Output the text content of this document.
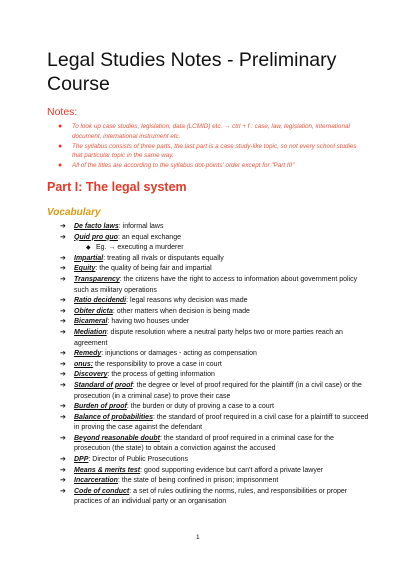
Legal Studies Notes - Preliminary Course
Notes:
● To look up case studies, legislation, data (LCMID) etc. → ctrl + f : case, law, legislation, international document, international instrument etc.
● The syllabus consists of three parts, the last part is a case study-like topic, so not every school studies that particular topic in the same way.
● All of the titles are according to the syllabus dot-points' order except for "Part III"
Part I: The legal system
Vocabulary
➔ De facto laws: informal laws
➔ Quid pro quo: an equal exchange
◆ Eg. → executing a murderer
➔ Impartial: treating all rivals or disputants equally
➔ Equity: the quality of being fair and impartial
➔ Transparency: the citizens have the right to access to information about government policy such as military operations
➔ Ratio decidendi: legal reasons why decision was made
➔ Obiter dicta: other matters when decision is being made
➔ Bicameral: having two houses under
➔ Mediation: dispute resolution where a neutral party helps two or more parties reach an agreement
➔ Remedy: injunctions or damages - acting as compensation
➔ onus: the responsibility to prove a case in court
➔ Discovery: the process of getting information
➔ Standard of proof: the degree or level of proof required for the plaintiff (in a civil case) or the prosecution (in a criminal case) to prove their case
➔ Burden of proof: the burden or duty of proving a case to a court
➔ Balance of probabilities: the standard of proof required in a civil case for a plaintiff to succeed in proving the case against the defendant
➔ Beyond reasonable doubt: the standard of proof required in a criminal case for the prosecution (the state) to obtain a conviction against the accused
➔ DPP: Director of Public Prosecutions
➔ Means & merits test: good supporting evidence but can't afford a private lawyer
➔ Incarceration: the state of being confined in prison; imprisonment
➔ Code of conduct: a set of rules outlining the norms, rules, and responsibilities or proper practices of an individual party or an organisation
1
